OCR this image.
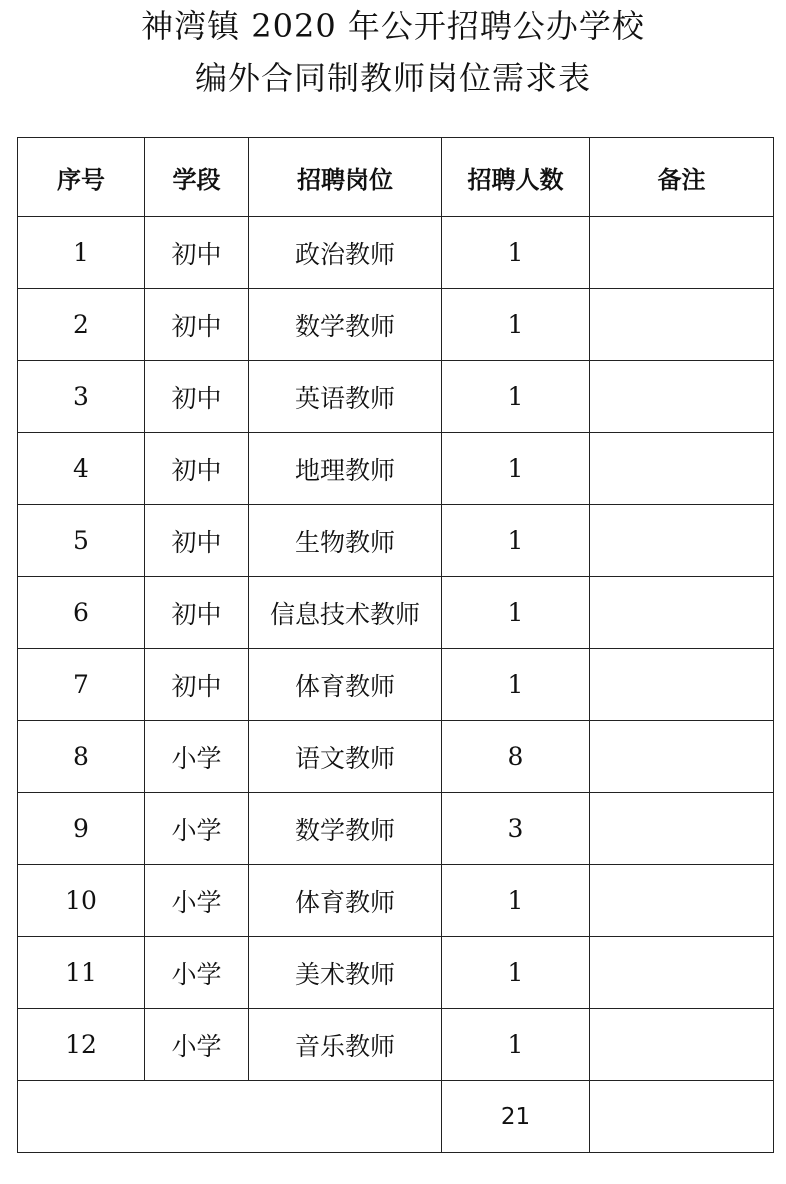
神湾镇 2020 年公开招聘公办学校
编外合同制教师岗位需求表
序号	学段	招聘岗位	招聘人数	备注
1	初中	政治教师	1	
2	初中	数学教师	1	
3	初中	英语教师	1	
4	初中	地理教师	1	
5	初中	生物教师	1	
6	初中	信息技术教师	1	
7	初中	体育教师	1	
8	小学	语文教师	8	
9	小学	数学教师	3	
10	小学	体育教师	1	
11	小学	美术教师	1	
12	小学	音乐教师	1	
			21	
